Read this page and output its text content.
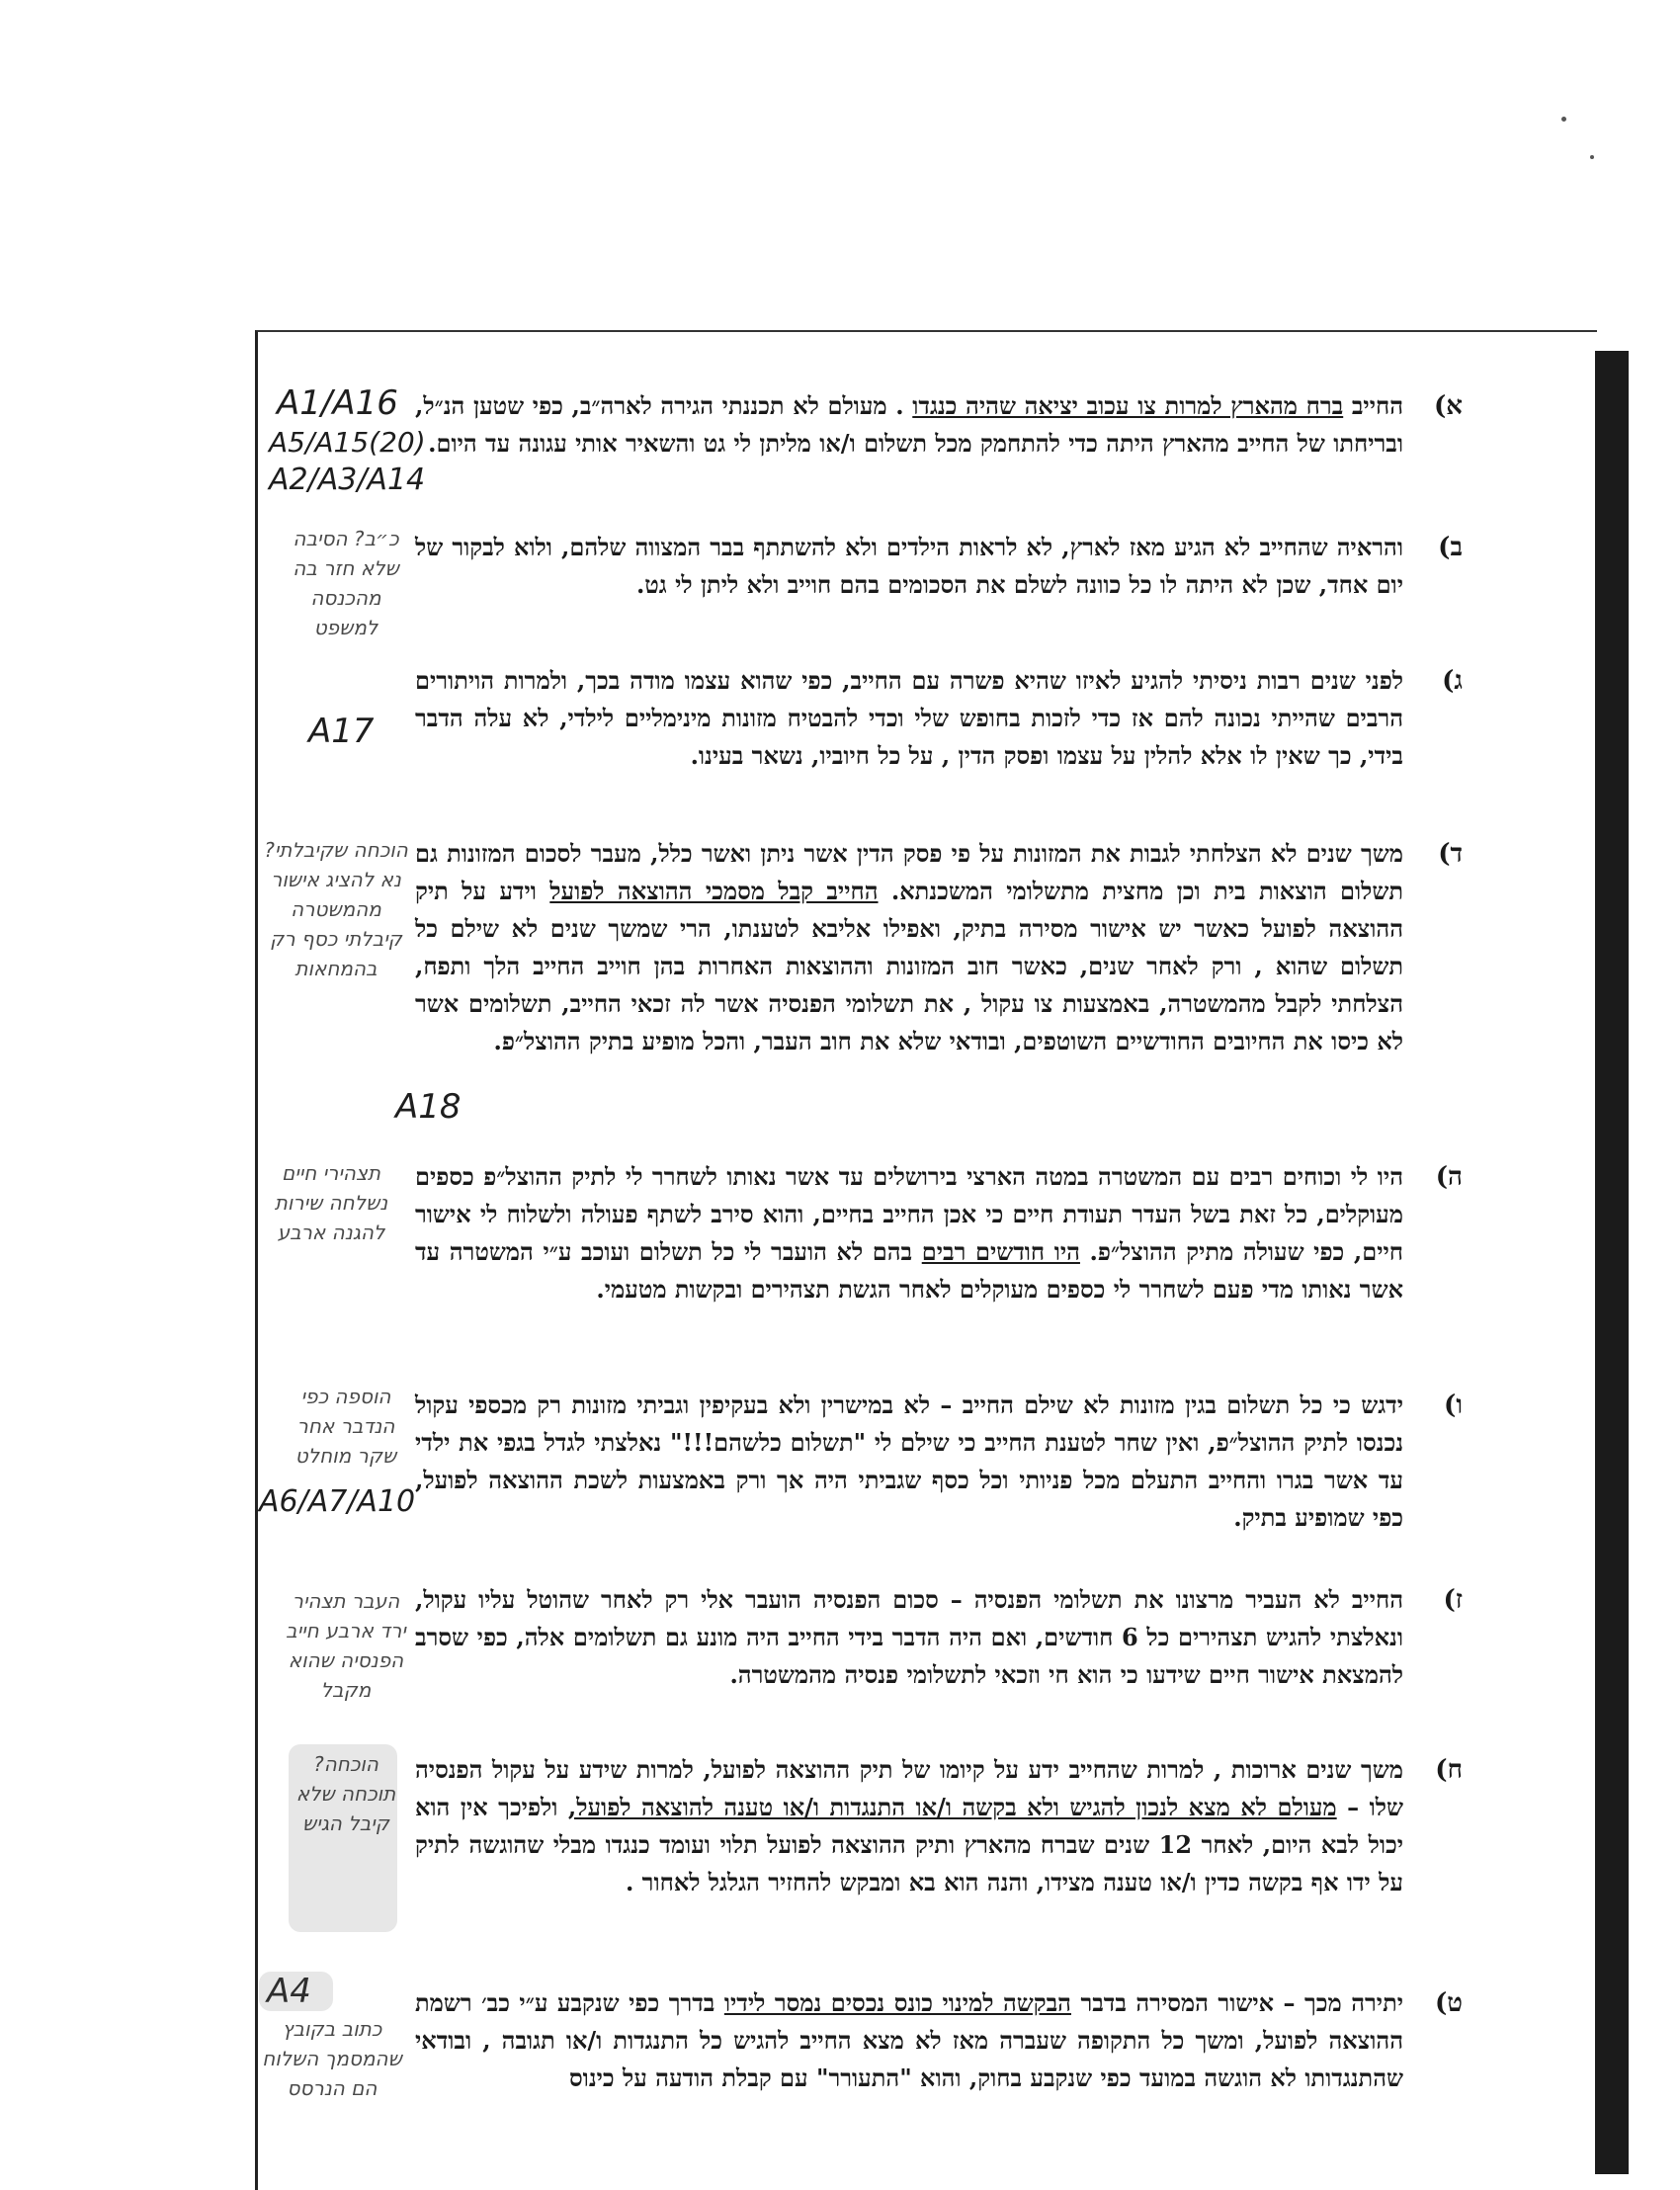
א)

החייב ברח מהארץ למרות צו עכוב יציאה שהיה כנגדו . מעולם לא תכננתי הגירה לארה״ב, כפי שטען הנ״ל, ובריחתו של החייב מהארץ היתה כדי להתחמק מכל תשלום ו/או מליתן לי גט והשאיר אותי עגונה עד היום.

ב)

והראיה שהחייב לא הגיע מאז לארץ, לא לראות הילדים ולא להשתתף בבר המצווה שלהם, ולוא לבקור של יום אחד, שכן לא היתה לו כל כוונה לשלם את הסכומים בהם חוייב ולא ליתן לי גט.

ג)

לפני שנים רבות ניסיתי להגיע לאיזו שהיא פשרה עם החייב, כפי שהוא עצמו מודה בכך, ולמרות הויתורים הרבים שהייתי נכונה להם אז כדי לזכות בחופש שלי וכדי להבטיח מזונות מינימליים לילדי, לא עלה הדבר בידי, כך שאין לו אלא להלין על עצמו ופסק הדין , על כל חיוביו, נשאר בעינו.

ד)

משך שנים לא הצלחתי לגבות את המזונות על פי פסק הדין אשר ניתן ואשר כלל, מעבר לסכום המזונות גם תשלום הוצאות בית וכן מחצית מתשלומי המשכנתא. החייב קבל מסמכי ההוצאה לפועל וידע על תיק ההוצאה לפועל כאשר יש אישור מסירה בתיק, ואפילו אליבא לטענתו, הרי שמשך שנים לא שילם כל תשלום שהוא , ורק לאחר שנים, כאשר חוב המזונות וההוצאות האחרות בהן חוייב החייב הלך ותפח, הצלחתי לקבל מהמשטרה, באמצעות צו עקול , את תשלומי הפנסיה אשר לה זכאי החייב, תשלומים אשר לא כיסו את החיובים החודשיים השוטפים, ובודאי שלא את חוב העבר, והכל מופיע בתיק ההוצל״פ.

ה)

היו לי וכוחים רבים עם המשטרה במטה הארצי בירושלים עד אשר נאותו לשחרר לי לתיק ההוצל״פ כספים מעוקלים, כל זאת בשל העדר תעודת חיים כי אכן החייב בחיים, והוא סירב לשתף פעולה ולשלוח לי אישור חיים, כפי שעולה מתיק ההוצל״פ. היו חודשים רבים בהם לא הועבר לי כל תשלום ועוכב ע״י המשטרה עד אשר נאותו מדי פעם לשחרר לי כספים מעוקלים לאחר הגשת תצהירים ובקשות מטעמי.

ו)

ידגש כי כל תשלום בגין מזונות לא שילם החייב – לא במישרין ולא בעקיפין וגביתי מזונות רק מכספי עקול נכנסו לתיק ההוצל״פ, ואין שחר לטענת החייב כי שילם לי "תשלום כלשהם!!!" נאלצתי לגדל בגפי את ילדי עד אשר בגרו והחייב התעלם מכל פניותי וכל כסף שגביתי היה אך ורק באמצעות לשכת ההוצאה לפועל, כפי שמופיע בתיק.

ז)

החייב לא העביר מרצונו את תשלומי הפנסיה – סכום הפנסיה הועבר אלי רק לאחר שהוטל עליו עקול, ונאלצתי להגיש תצהירים כל 6 חודשים, ואם היה הדבר בידי החייב היה מונע גם תשלומים אלה, כפי שסרב להמצאת אישור חיים שידעו כי הוא חי וזכאי לתשלומי פנסיה מהמשטרה.

ח)

משך שנים ארוכות , למרות שהחייב ידע על קיומו של תיק ההוצאה לפועל, למרות שידע על עקול הפנסיה שלו – מעולם לא מצא לנכון להגיש ולא בקשה ו/או התנגדות ו/או טענה להוצאה לפועל, ולפיכך אין הוא יכול לבא היום, לאחר 12 שנים שברח מהארץ ותיק ההוצאה לפועל תלוי ועומד כנגדו מבלי שהוגשה לתיק על ידו אף בקשה כדין ו/או טענה מצידו, והנה הוא בא ומבקש להחזיר הגלגל לאחור .

ט)

יתירה מכך – אישור המסירה בדבר הבקשה למינוי כונס נכסים נמסר לידיו בדרך כפי שנקבע ע״י כב׳ רשמת ההוצאה לפועל, ומשך כל התקופה שעברה מאז לא מצא החייב להגיש כל התנגדות ו/או תגובה , ובודאי שהתנגדותו לא הוגשה במועד כפי שנקבע בחוק, והוא "התעורר" עם קבלת הודעה על כינוס

A1/A16
A5/A15(20)
A2/A3/A14
A17
A18
A6/A7/A10
A4
כ״ב? הסיבה שלא חזר בה מהכנסה למשפט
הוכחה שקיבלתי? נא להציג אישור מהמשטרה קיבלתי כסף רק בהמחאות
תצהירי חיים נשלחה שירות להגנה ארבע
הוספה כפי הנדבר אחר שקר מוחלט
העבר תצהיר ירד ארבע חייב הפנסיה שהוא מקבל
הוכחה? תוכחה שלא קיבל הגיש
כתוב בקובץ שהמסמך השלוח הם הנרסס
